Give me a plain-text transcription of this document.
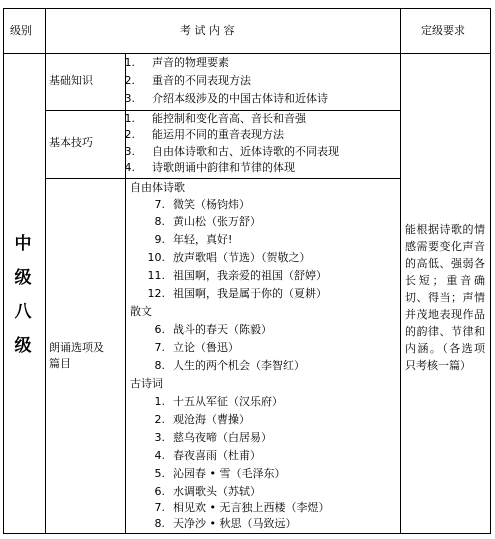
级别	考 试 内 容	定级要求
中
级
八
级
基础知识
1. 声音的物理要素
2. 重音的不同表现方法
3. 介绍本级涉及的中国古体诗和近体诗
基本技巧
1. 能控制和变化音高、音长和音强
2. 能运用不同的重音表现方法
3. 自由体诗歌和古、近体诗歌的不同表现
4. 诗歌朗诵中韵律和节律的体现
朗诵选项及
篇目
自由体诗歌
7. 微笑（杨钧炜）
8. 黄山松（张万舒）
9. 年轻，真好!
10. 放声歌唱（节选）（贺敬之）
11. 祖国啊，我亲爱的祖国（舒婷）
12. 祖国啊，我是属于你的（夏耕）
散文
6. 战斗的春天（陈毅）
7. 立论（鲁迅）
8. 人生的两个机会（李智红）
古诗词
1. 十五从军征（汉乐府）
2. 观沧海（曹操）
3. 慈乌夜啼（白居易）
4. 春夜喜雨（杜甫）
5. 沁园春 • 雪（毛泽东）
6. 水调歌头（苏轼）
7. 相见欢 • 无言独上西楼（李煜）
8. 天净沙 • 秋思（马致远）
能根据诗歌的情感需要变化声音的高低、强弱各长短；重音确切、得当；声情并茂地表现作品的韵律、节律和内涵。（各选项只考核一篇）
